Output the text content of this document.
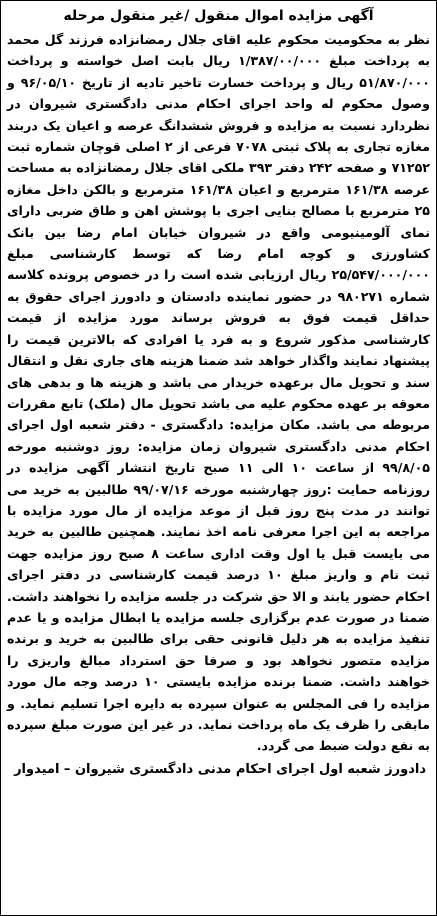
آگهی مزایده اموال منقول /غیر منقول مرحله

نظر به محکومیت محکوم علیه اقای جلال رمضانزاده فرزند گل محمد به پرداخت مبلغ ۱/۳۸۷/۰۰/۰۰۰ ریال بابت اصل خواسته و پرداخت ۵۱/۸۷۰/۰۰۰ ریال و پرداخت خسارت تاخیر تادیه از تاریخ ۹۶/۰۵/۱۰ و وصول محکوم له واحد اجرای احکام مدنی دادگستری شیروان در نظردارد نسبت به مزایده و فروش ششدانگ عرصه و اعیان یک دربند مغازه تجاری به پلاک ثبتی ۷۰۷۸ فرعی از ۲ اصلی قوچان شماره ثبت ۷۱۲۵۲ و صفحه ۲۴۲ دفتر ۳۹۳ ملکی اقای جلال رمضانزاده به مساحت عرصه ۱۶۱/۳۸ مترمربع و اعیان ۱۶۱/۳۸ مترمربع و بالکن داخل مغازه ۲۵ مترمربع با مصالح بنایی اجری با پوشش اهن و طاق ضربی دارای نمای آلومینیومی واقع در شیروان خیابان امام رضا بین بانک کشاورزی و کوچه امام رضا که توسط کارشناسی مبلغ ۲۵/۵۴۷/۰۰۰/۰۰۰ ریال ارزیابی شده است را در خصوص پرونده کلاسه شماره ۹۸۰۲۷۱ در حضور نماینده دادستان و دادورز اجرای حقوق به حداقل قیمت فوق به فروش برساند مورد مزایده از قیمت کارشناسی مذکور شروع و به فرد یا افرادی که بالاترین قیمت را پیشنهاد نمایند واگذار خواهد شد ضمنا هزینه های جاری نقل و انتقال سند و تحویل مال برعهده خریدار می باشد و هزینه ها و بدهی های معوقه بر عهده محکوم علیه می باشد تحویل مال (ملک) تابع مقررات مربوطه می باشد. مکان مزایده: دادگستری - دفتر شعبه اول اجرای احکام مدنی دادگستری شیروان زمان مزایده: روز دوشنبه مورخه ۹۹/۸/۰۵ از ساعت ۱۰ الی ۱۱ صبح تاریخ انتشار آگهی مزایده در روزنامه حمایت :روز چهارشنبه مورخه ۹۹/۰۷/۱۶ طالبین به خرید می توانند در مدت پنج روز قبل از موعد مزایده از مال مورد مزایده با مراجعه به این اجرا معرفی نامه اخذ نمایند. همچنین طالبین به خرید می بایست قبل یا اول وقت اداری ساعت ۸ صبح روز مزایده جهت ثبت نام و واریز مبلغ ۱۰ درصد قیمت کارشناسی در دفتر اجرای احکام حضور یابند و الا حق شرکت در جلسه مزایده را نخواهند داشت. ضمنا در صورت عدم برگزاری جلسه مزایده یا ابطال مزایده و یا عدم تنفیذ مزایده به هر دلیل قانونی حقی برای طالبین به خرید و برنده مزایده متصور نخواهد بود و صرفا حق استرداد مبالغ واریزی را خواهند داشت. ضمنا برنده مزایده بایستی ۱۰ درصد وجه مال مورد مزایده را فی المجلس به عنوان سپرده به دایره اجرا تسلیم نماید. و مابقی را ظرف یک ماه پرداخت نماید. در غیر این صورت مبلغ سپرده به نفع دولت ضبط می گردد.

دادورز شعبه اول اجرای احکام مدنی دادگستری شیروان – امیدوار
